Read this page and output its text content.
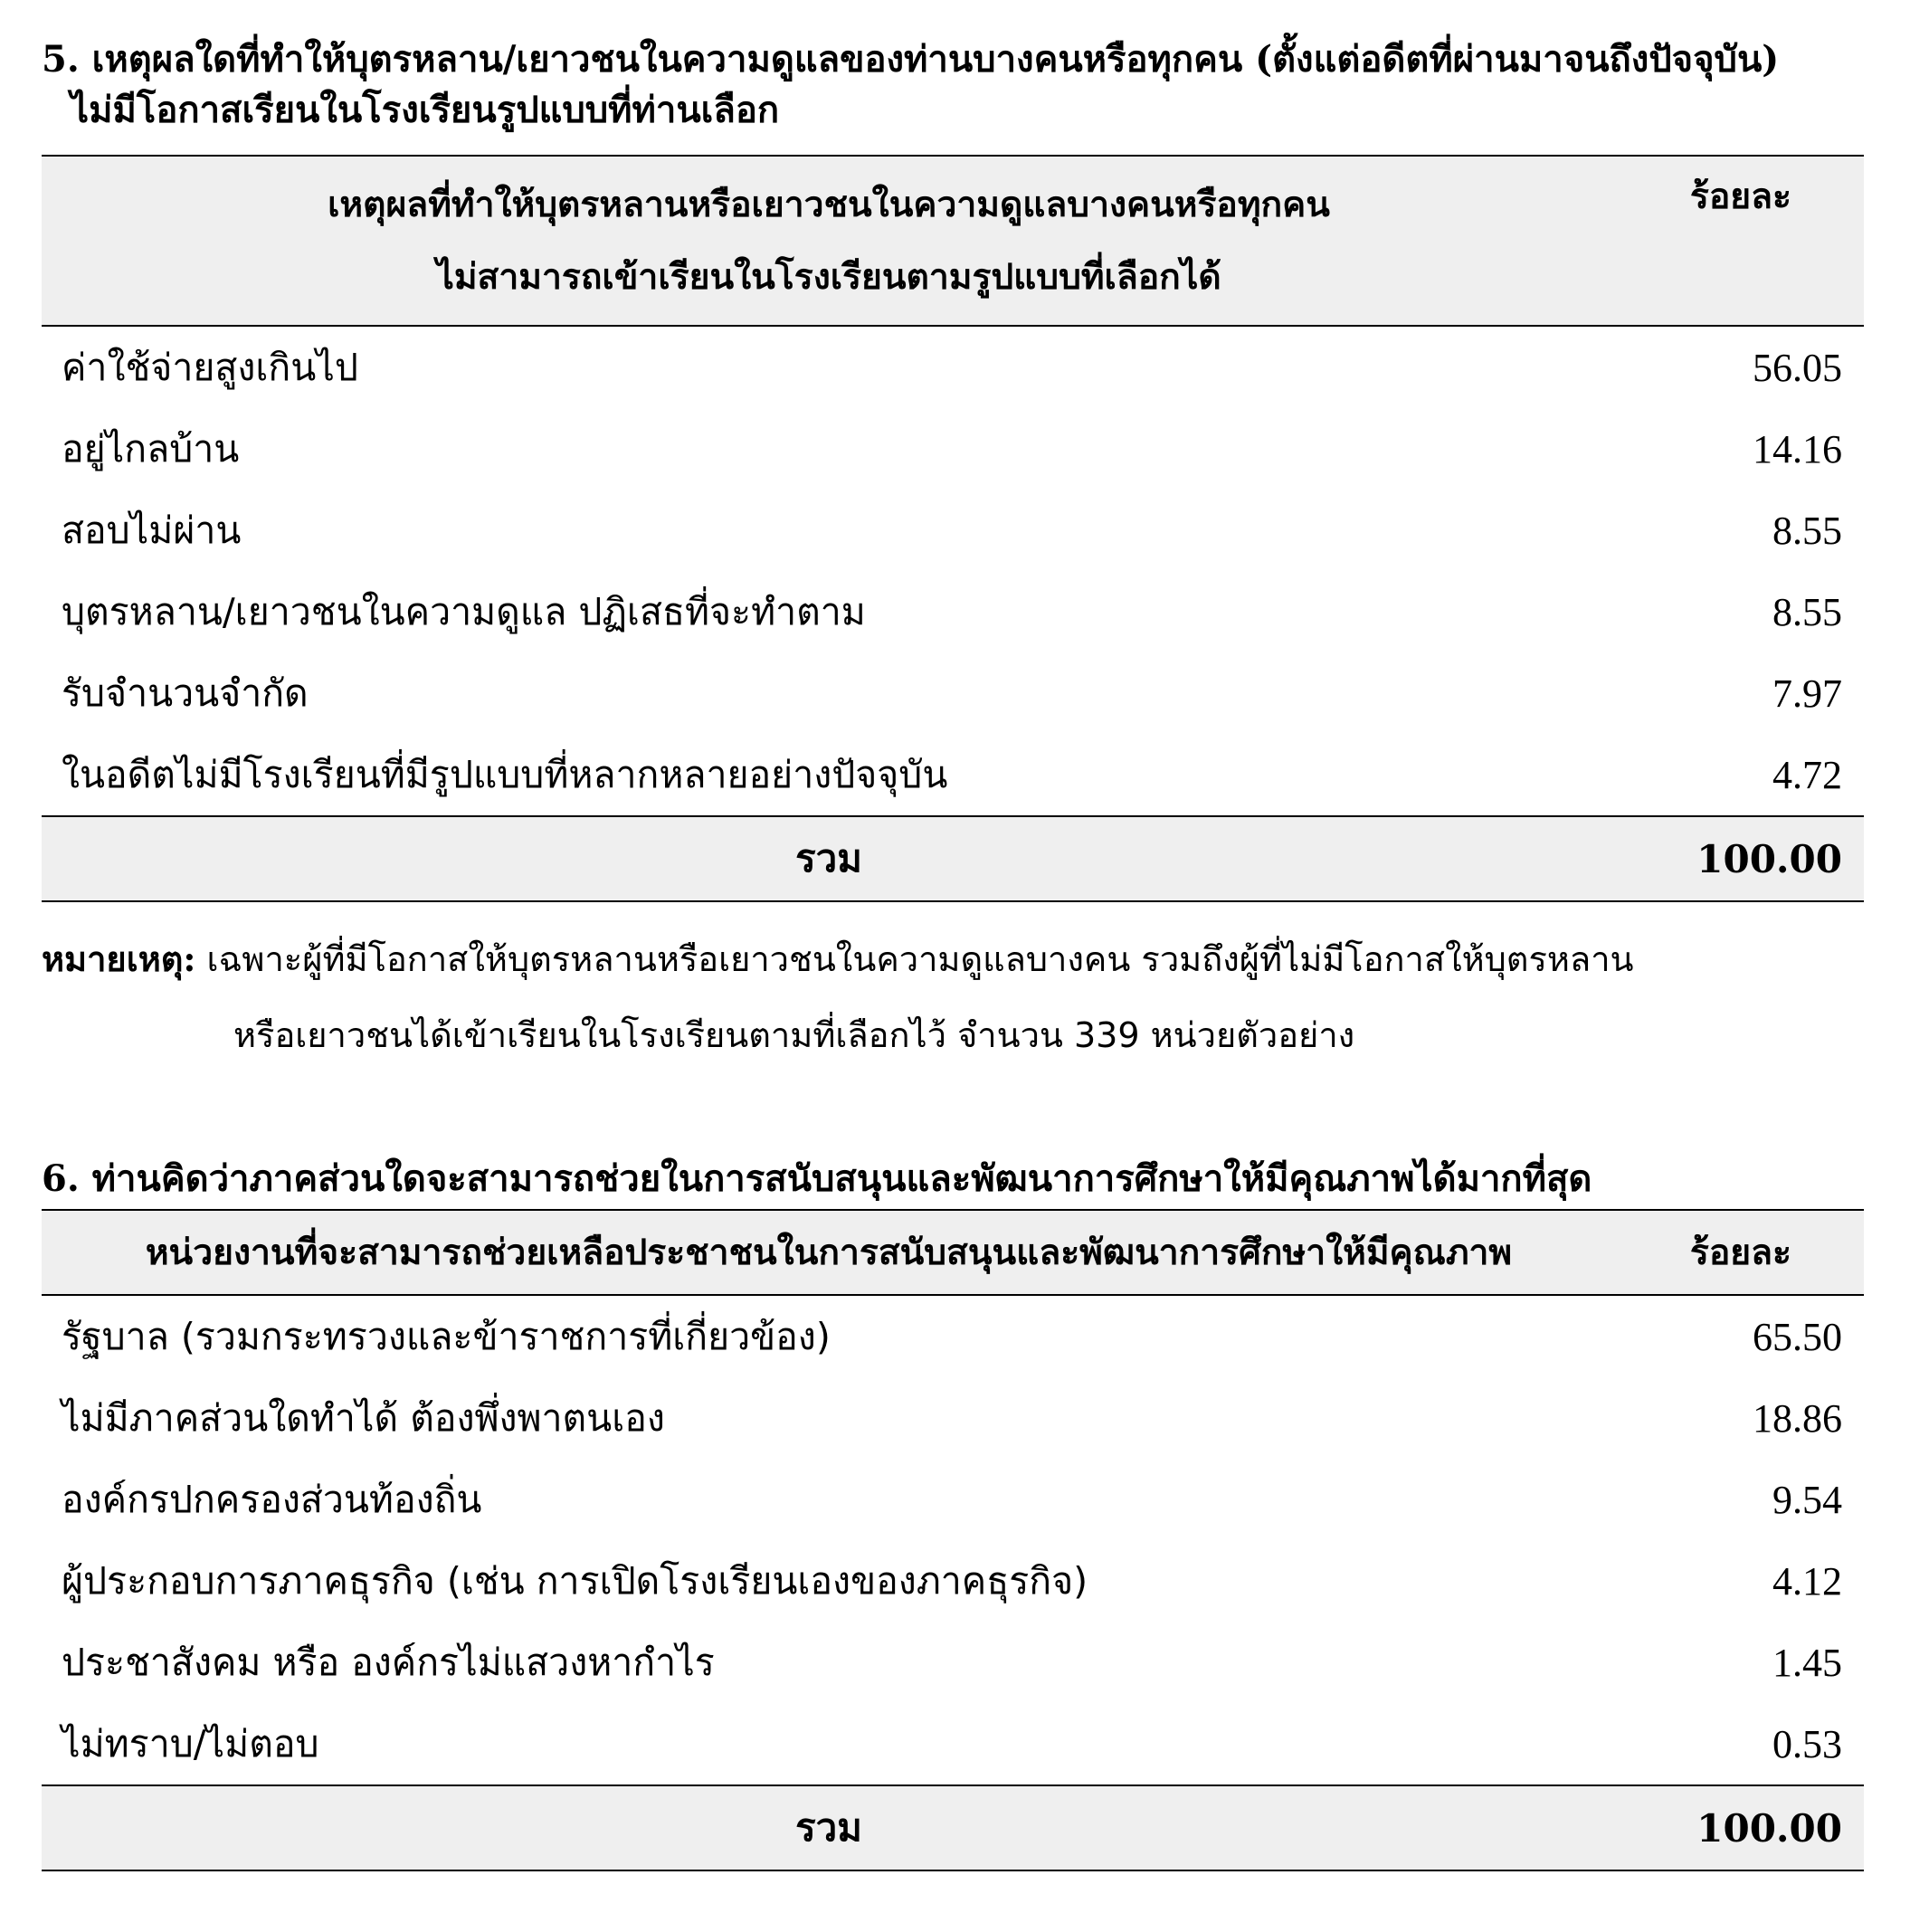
5. เหตุผลใดที่ทำให้บุตรหลาน/เยาวชนในความดูแลของท่านบางคนหรือทุกคน (ตั้งแต่อดีตที่ผ่านมาจนถึงปัจจุบัน)
ไม่มีโอกาสเรียนในโรงเรียนรูปแบบที่ท่านเลือก
เหตุผลที่ทำให้บุตรหลานหรือเยาวชนในความดูแลบางคนหรือทุกคน
ไม่สามารถเข้าเรียนในโรงเรียนตามรูปแบบที่เลือกได้	ร้อยละ
ค่าใช้จ่ายสูงเกินไป	56.05
อยู่ไกลบ้าน	14.16
สอบไม่ผ่าน	8.55
บุตรหลาน/เยาวชนในความดูแล ปฏิเสธที่จะทำตาม	8.55
รับจำนวนจำกัด	7.97
ในอดีตไม่มีโรงเรียนที่มีรูปแบบที่หลากหลายอย่างปัจจุบัน	4.72
รวม	100.00
หมายเหตุ: เฉพาะผู้ที่มีโอกาสให้บุตรหลานหรือเยาวชนในความดูแลบางคน รวมถึงผู้ที่ไม่มีโอกาสให้บุตรหลาน
หรือเยาวชนได้เข้าเรียนในโรงเรียนตามที่เลือกไว้ จำนวน 339 หน่วยตัวอย่าง
6. ท่านคิดว่าภาคส่วนใดจะสามารถช่วยในการสนับสนุนและพัฒนาการศึกษาให้มีคุณภาพได้มากที่สุด
หน่วยงานที่จะสามารถช่วยเหลือประชาชนในการสนับสนุนและพัฒนาการศึกษาให้มีคุณภาพ	ร้อยละ
รัฐบาล (รวมกระทรวงและข้าราชการที่เกี่ยวข้อง)	65.50
ไม่มีภาคส่วนใดทำได้ ต้องพึ่งพาตนเอง	18.86
องค์กรปกครองส่วนท้องถิ่น	9.54
ผู้ประกอบการภาคธุรกิจ (เช่น การเปิดโรงเรียนเองของภาคธุรกิจ)	4.12
ประชาสังคม หรือ องค์กรไม่แสวงหากำไร	1.45
ไม่ทราบ/ไม่ตอบ	0.53
รวม	100.00
